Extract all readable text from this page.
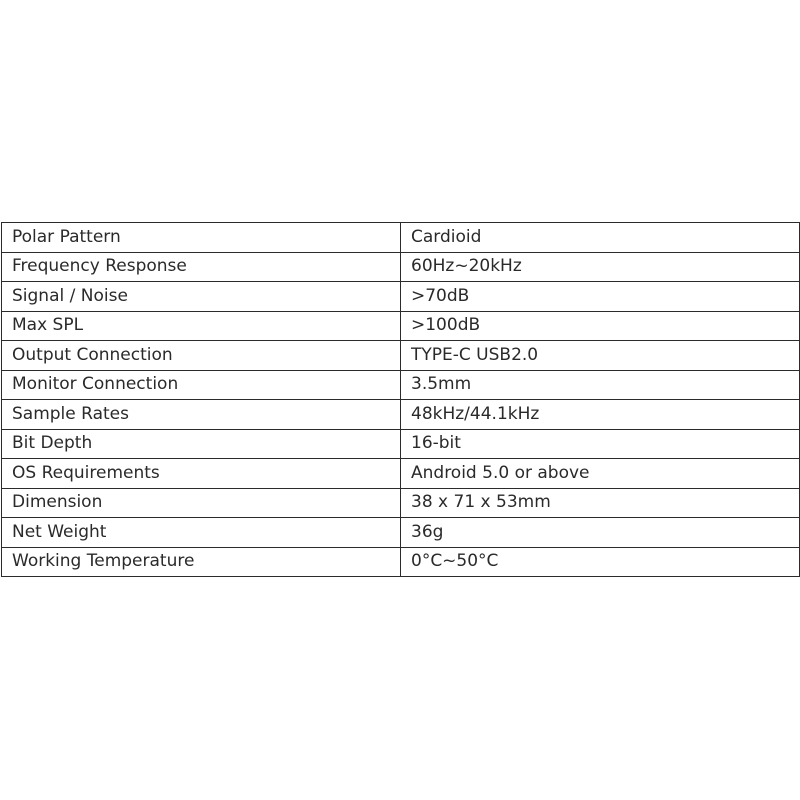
Polar Pattern	Cardioid
Frequency Response	60Hz~20kHz
Signal / Noise	>70dB
Max SPL	>100dB
Output Connection	TYPE-C USB2.0
Monitor Connection	3.5mm
Sample Rates	48kHz/44.1kHz
Bit Depth	16-bit
OS Requirements	Android 5.0 or above
Dimension	38 x 71 x 53mm
Net Weight	36g
Working Temperature	0°C~50°C
